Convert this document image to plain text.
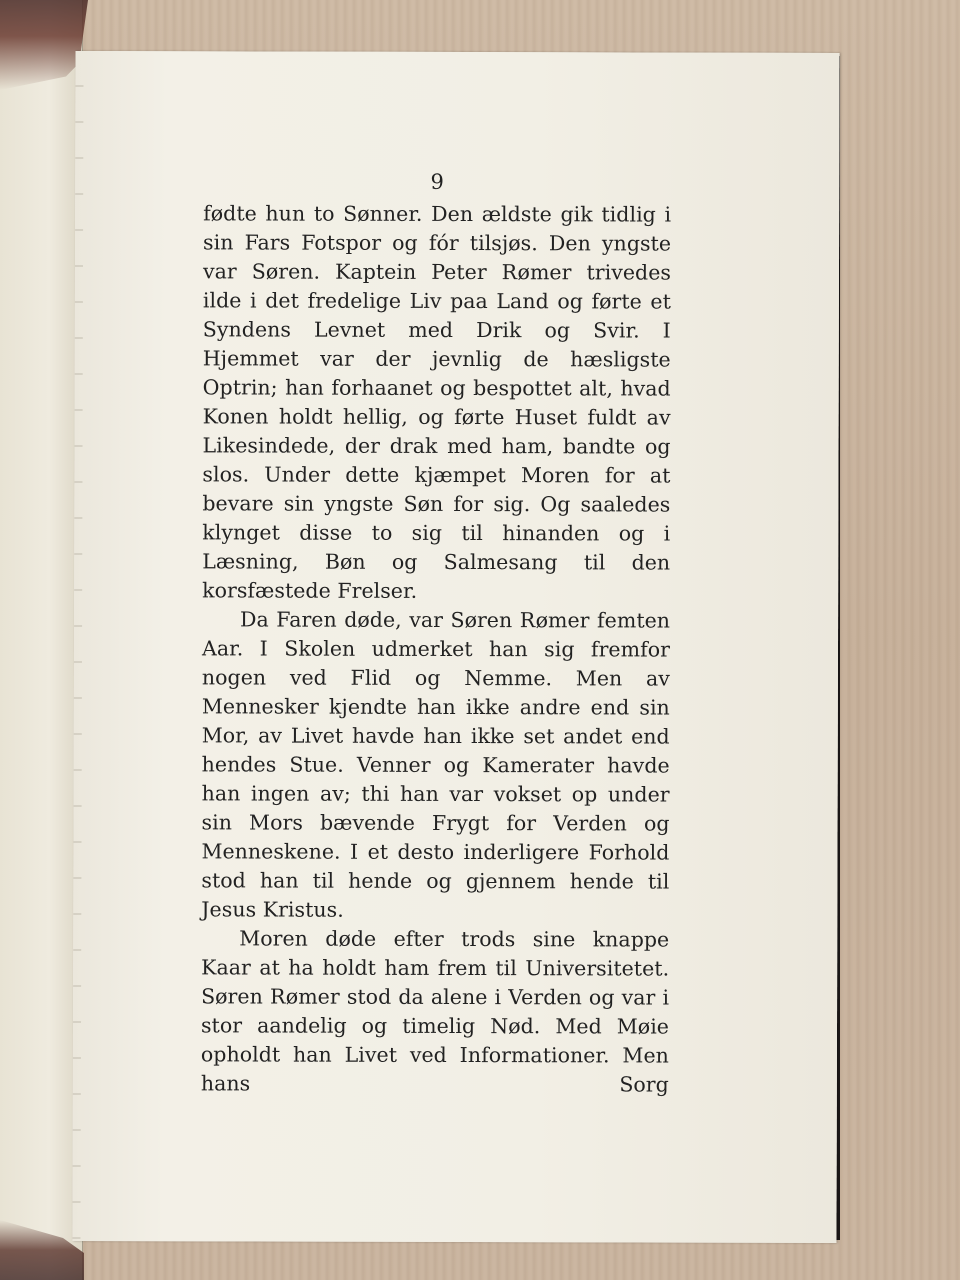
9

fødte hun to Sønner. Den ældste gik tidlig i sin Fars Fotspor og fór tilsjøs. Den yngste var Søren. Kaptein Peter Rømer trivedes ilde i det fredelige Liv paa Land og førte et Syndens Levnet med Drik og Svir. I Hjemmet var der jevnlig de hæsligste Optrin; han forhaanet og bespottet alt, hvad Konen holdt hellig, og førte Huset fuldt av Likesindede, der drak med ham, bandte og slos. Under dette kjæmpet Moren for at bevare sin yngste Søn for sig. Og saaledes klynget disse to sig til hinanden og i Læsning, Bøn og Salmesang til den korsfæstede Frelser.

Da Faren døde, var Søren Rømer femten Aar. I Skolen udmerket han sig fremfor nogen ved Flid og Nemme. Men av Mennesker kjendte han ikke andre end sin Mor, av Livet havde han ikke set andet end hendes Stue. Venner og Kamerater havde han ingen av; thi han var vokset op under sin Mors bævende Frygt for Verden og Menneskene. I et desto inderligere Forhold stod han til hende og gjennem hende til Jesus Kristus.

Moren døde efter trods sine knappe Kaar at ha holdt ham frem til Universitetet. Søren Rømer stod da alene i Verden og var i stor aandelig og timelig Nød. Med Møie opholdt han Livet ved Informationer. Men hans Sorg
